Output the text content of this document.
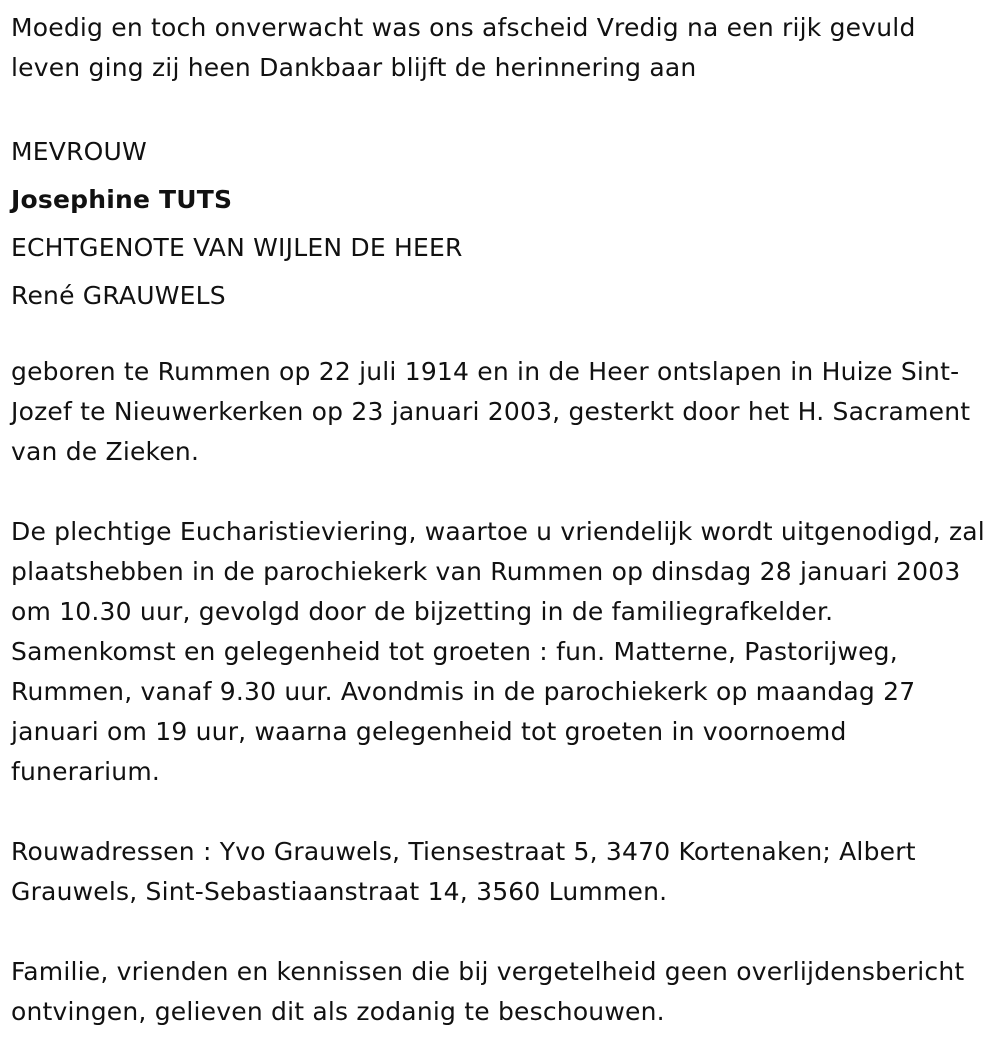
Moedig en toch onverwacht was ons afscheid Vredig na een rijk gevuld leven ging zij heen Dankbaar blijft de herinnering aan

MEVROUW

Josephine TUTS

ECHTGENOTE VAN WIJLEN DE HEER

René GRAUWELS

geboren te Rummen op 22 juli 1914 en in de Heer ontslapen in Huize Sint-Jozef te Nieuwerkerken op 23 januari 2003, gesterkt door het H. Sacrament van de Zieken.

De plechtige Eucharistieviering, waartoe u vriendelijk wordt uitgenodigd, zal plaatshebben in de parochiekerk van Rummen op dinsdag 28 januari 2003 om 10.30 uur, gevolgd door de bijzetting in de familiegrafkelder. Samenkomst en gelegenheid tot groeten : fun. Matterne, Pastorijweg, Rummen, vanaf 9.30 uur. Avondmis in de parochiekerk op maandag 27 januari om 19 uur, waarna gelegenheid tot groeten in voornoemd funerarium.

Rouwadressen : Yvo Grauwels, Tiensestraat 5, 3470 Kortenaken; Albert Grauwels, Sint-Sebastiaanstraat 14, 3560 Lummen.

Familie, vrienden en kennissen die bij vergetelheid geen overlijdensbericht ontvingen, gelieven dit als zodanig te beschouwen.
